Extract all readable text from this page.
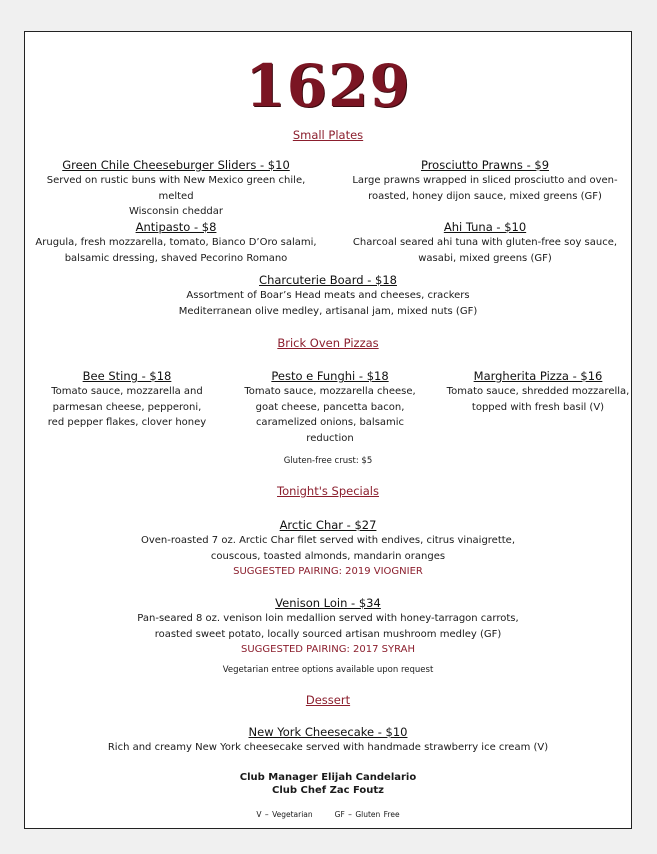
1629
Small Plates
Green Chile Cheeseburger Sliders - $10
Served on rustic buns with New Mexico green chile, melted
Wisconsin cheddar
Prosciutto Prawns - $9
Large prawns wrapped in sliced prosciutto and oven-
roasted, honey dijon sauce, mixed greens (GF)
Antipasto - $8
Arugula, fresh mozzarella, tomato, Bianco D’Oro salami,
balsamic dressing, shaved Pecorino Romano
Ahi Tuna - $10
Charcoal seared ahi tuna with gluten-free soy sauce,
wasabi, mixed greens (GF)
Charcuterie Board - $18
Assortment of Boar’s Head meats and cheeses, crackers
Mediterranean olive medley, artisanal jam, mixed nuts (GF)
Brick Oven Pizzas
Bee Sting - $18
Tomato sauce, mozzarella and
parmesan cheese, pepperoni,
red pepper flakes, clover honey
Pesto e Funghi - $18
Tomato sauce, mozzarella cheese,
goat cheese, pancetta bacon,
caramelized onions, balsamic
reduction
Margherita Pizza - $16
Tomato sauce, shredded mozzarella,
topped with fresh basil (V)
Gluten-free crust: $5
Tonight's Specials
Arctic Char - $27
Oven-roasted 7 oz. Arctic Char filet served with endives, citrus vinaigrette,
couscous, toasted almonds, mandarin oranges
SUGGESTED PAIRING: 2019 VIOGNIER
Venison Loin - $34
Pan-seared 8 oz. venison loin medallion served with honey-tarragon carrots,
roasted sweet potato, locally sourced artisan mushroom medley (GF)
SUGGESTED PAIRING: 2017 SYRAH
Vegetarian entree options available upon request
Dessert
New York Cheesecake - $10
Rich and creamy New York cheesecake served with handmade strawberry ice cream (V)
Club Manager Elijah Candelario
Club Chef Zac Foutz
V – Vegetarian	GF – Gluten Free
